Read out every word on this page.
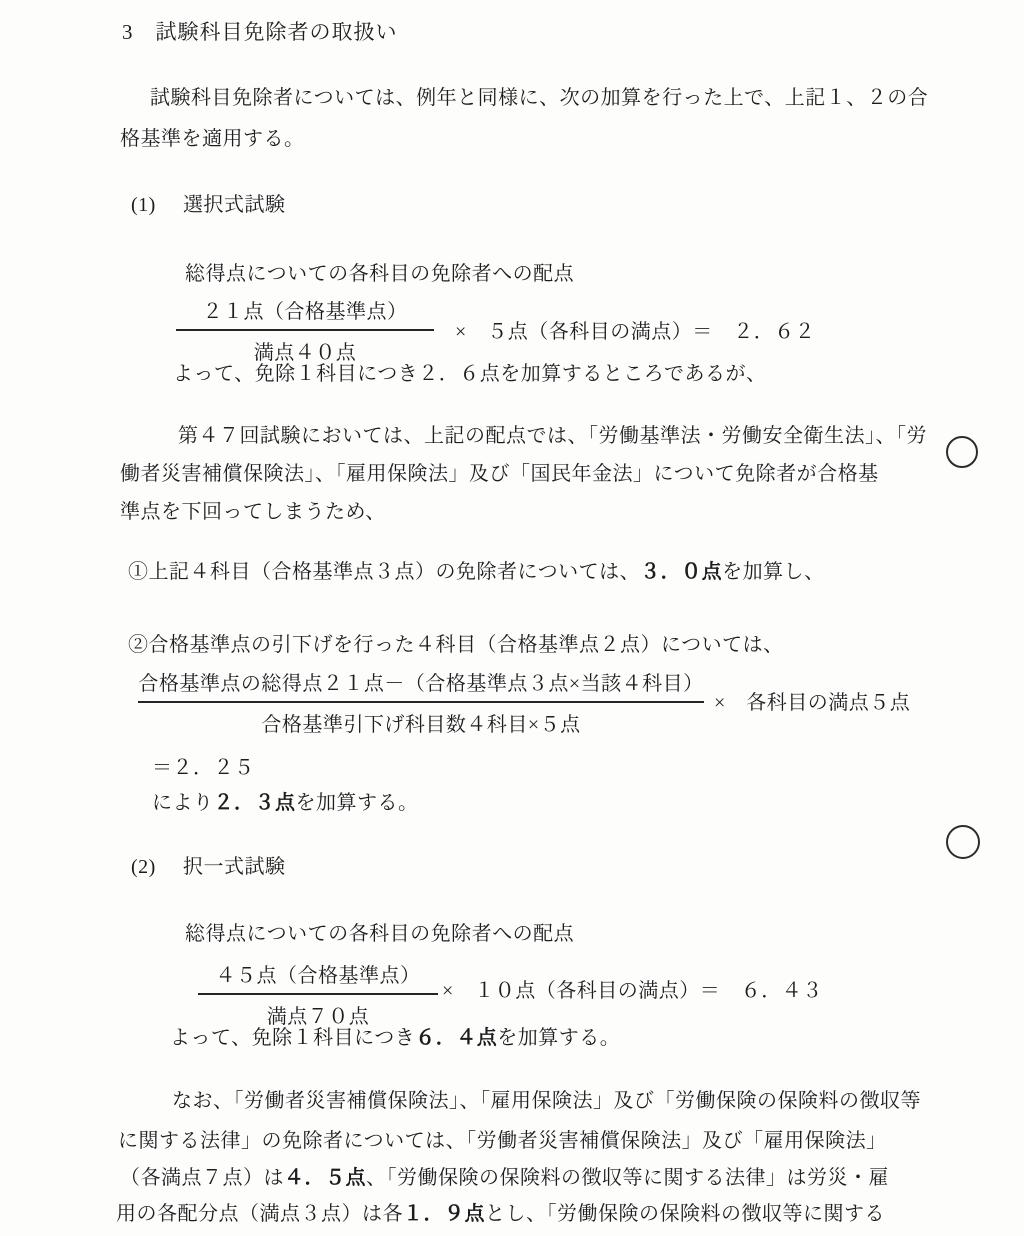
3 試験科目免除者の取扱い
試験科目免除者については、例年と同様に、次の加算を行った上で、上記１、２の合
格基準を適用する。
(1) 選択式試験
総得点についての各科目の免除者への配点
２１点（合格基準点）
満点４０点
×　５点（各科目の満点）＝　２．６２
よって、免除１科目につき２．６点を加算するところであるが、
第４７回試験においては、上記の配点では、「労働基準法・労働安全衛生法」、「労
働者災害補償保険法」、「雇用保険法」及び「国民年金法」について免除者が合格基
準点を下回ってしまうため、
①上記４科目（合格基準点３点）の免除者については、３．０点を加算し、
②合格基準点の引下げを行った４科目（合格基準点２点）については、
合格基準点の総得点２１点－（合格基準点３点×当該４科目）
合格基準引下げ科目数４科目×５点
×　各科目の満点５点
＝２．２５
により２．３点を加算する。
(2) 択一式試験
総得点についての各科目の免除者への配点
４５点（合格基準点）
満点７０点
×　１０点（各科目の満点）＝　６．４３
よって、免除１科目につき６．４点を加算する。
なお、「労働者災害補償保険法」、「雇用保険法」及び「労働保険の保険料の徴収等
に関する法律」の免除者については、「労働者災害補償保険法」及び「雇用保険法」
（各満点７点）は４．５点、「労働保険の保険料の徴収等に関する法律」は労災・雇
用の各配分点（満点３点）は各１．９点とし、「労働保険の保険料の徴収等に関する
